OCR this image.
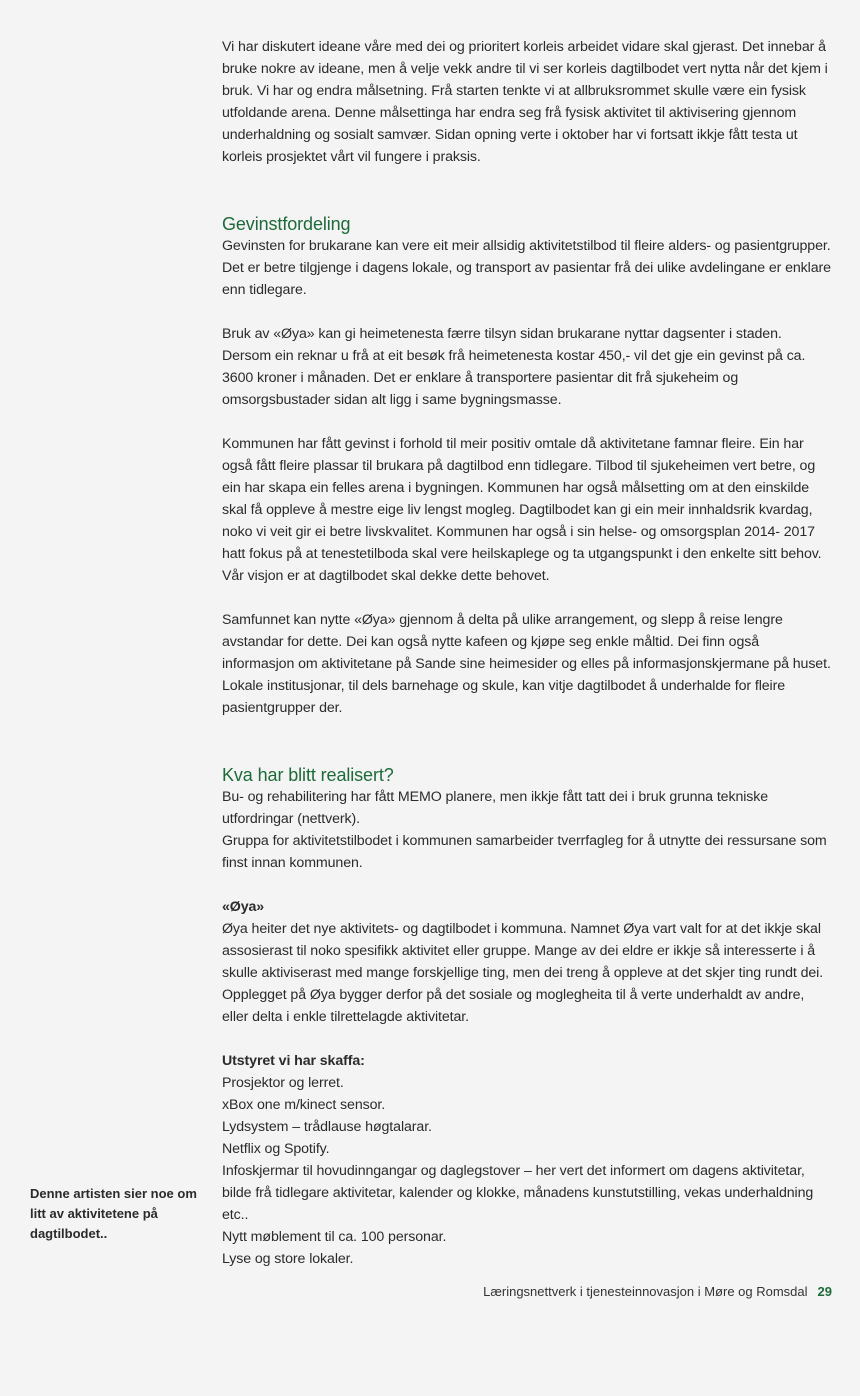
Vi har diskutert ideane våre med dei og prioritert korleis arbeidet vidare skal gjerast. Det innebar å bruke nokre av ideane, men å velje vekk andre til vi ser korleis dagtilbodet vert nytta når det kjem i bruk. Vi har og endra målsetning. Frå starten tenkte vi at allbruksrommet skulle være ein fysisk utfoldande arena. Denne målsettinga har endra seg frå fysisk aktivitet til aktivisering gjennom underhaldning og sosialt samvær. Sidan opning verte i oktober har vi fortsatt ikkje fått testa ut korleis prosjektet vårt vil fungere i praksis.

Gevinstfordeling

Gevinsten for brukarane kan vere eit meir allsidig aktivitetstilbod til fleire alders- og pasientgrupper. Det er betre tilgjenge i dagens lokale, og transport av pasientar frå dei ulike avdelingane er enklare enn tidlegare.

Bruk av «Øya» kan gi heimetenesta færre tilsyn sidan brukarane nyttar dagsenter i staden. Dersom ein reknar u frå at eit besøk frå heimetenesta kostar 450,- vil det gje ein gevinst på ca. 3600 kroner i månaden. Det er enklare å transportere pasientar dit frå sjukeheim og omsorgsbustader sidan alt ligg i same bygningsmasse.

Kommunen har fått gevinst i forhold til meir positiv omtale då aktivitetane famnar fleire. Ein har også fått fleire plassar til brukara på dagtilbod enn tidlegare. Tilbod til sjukeheimen vert betre, og ein har skapa ein felles arena i bygningen. Kommunen har også målsetting om at den einskilde skal få oppleve å mestre eige liv lengst mogleg. Dagtilbodet kan gi ein meir innhaldsrik kvardag, noko vi veit gir ei betre livskvalitet. Kommunen har også i sin helse- og omsorgsplan 2014- 2017 hatt fokus på at tenestetilboda skal vere heilskaplege og ta utgangspunkt i den enkelte sitt behov. Vår visjon er at dagtilbodet skal dekke dette behovet.

Samfunnet kan nytte «Øya» gjennom å delta på ulike arrangement, og slepp å reise lengre avstandar for dette. Dei kan også nytte kafeen og kjøpe seg enkle måltid. Dei finn også informasjon om aktivitetane på Sande sine heimesider og elles på informasjonskjermane på huset. Lokale institusjonar, til dels barnehage og skule, kan vitje dagtilbodet å underhalde for fleire pasientgrupper der.

Kva har blitt realisert?

Bu- og rehabilitering har fått MEMO planere, men ikkje fått tatt dei i bruk grunna tekniske utfordringar (nettverk).

Gruppa for aktivitetstilbodet i kommunen samarbeider tverrfagleg for å utnytte dei ressursane som finst innan kommunen.

«Øya»

Øya heiter det nye aktivitets- og dagtilbodet i kommuna. Namnet Øya vart valt for at det ikkje skal assosierast til noko spesifikk aktivitet eller gruppe. Mange av dei eldre er ikkje så interesserte i å skulle aktiviserast med mange forskjellige ting, men dei treng å oppleve at det skjer ting rundt dei. Opplegget på Øya bygger derfor på det sosiale og moglegheita til å verte underhaldt av andre, eller delta i enkle tilrettelagde aktivitetar.

Utstyret vi har skaffa:

Prosjektor og lerret.

xBox one m/kinect sensor.

Lydsystem – trådlause høgtalarar.

Netflix og Spotify.

Infoskjermar til hovudinngangar og daglegstover – her vert det informert om dagens aktivitetar, bilde frå tidlegare aktivitetar, kalender og klokke, månadens kunstutstilling, vekas underhaldning etc..

Nytt møblement til ca. 100 personar.

Lyse og store lokaler.

Denne artisten sier noe om litt av aktivitetene på dagtilbodet..
Læringsnettverk i tjenesteinnovasjon i Møre og Romsdal 29
